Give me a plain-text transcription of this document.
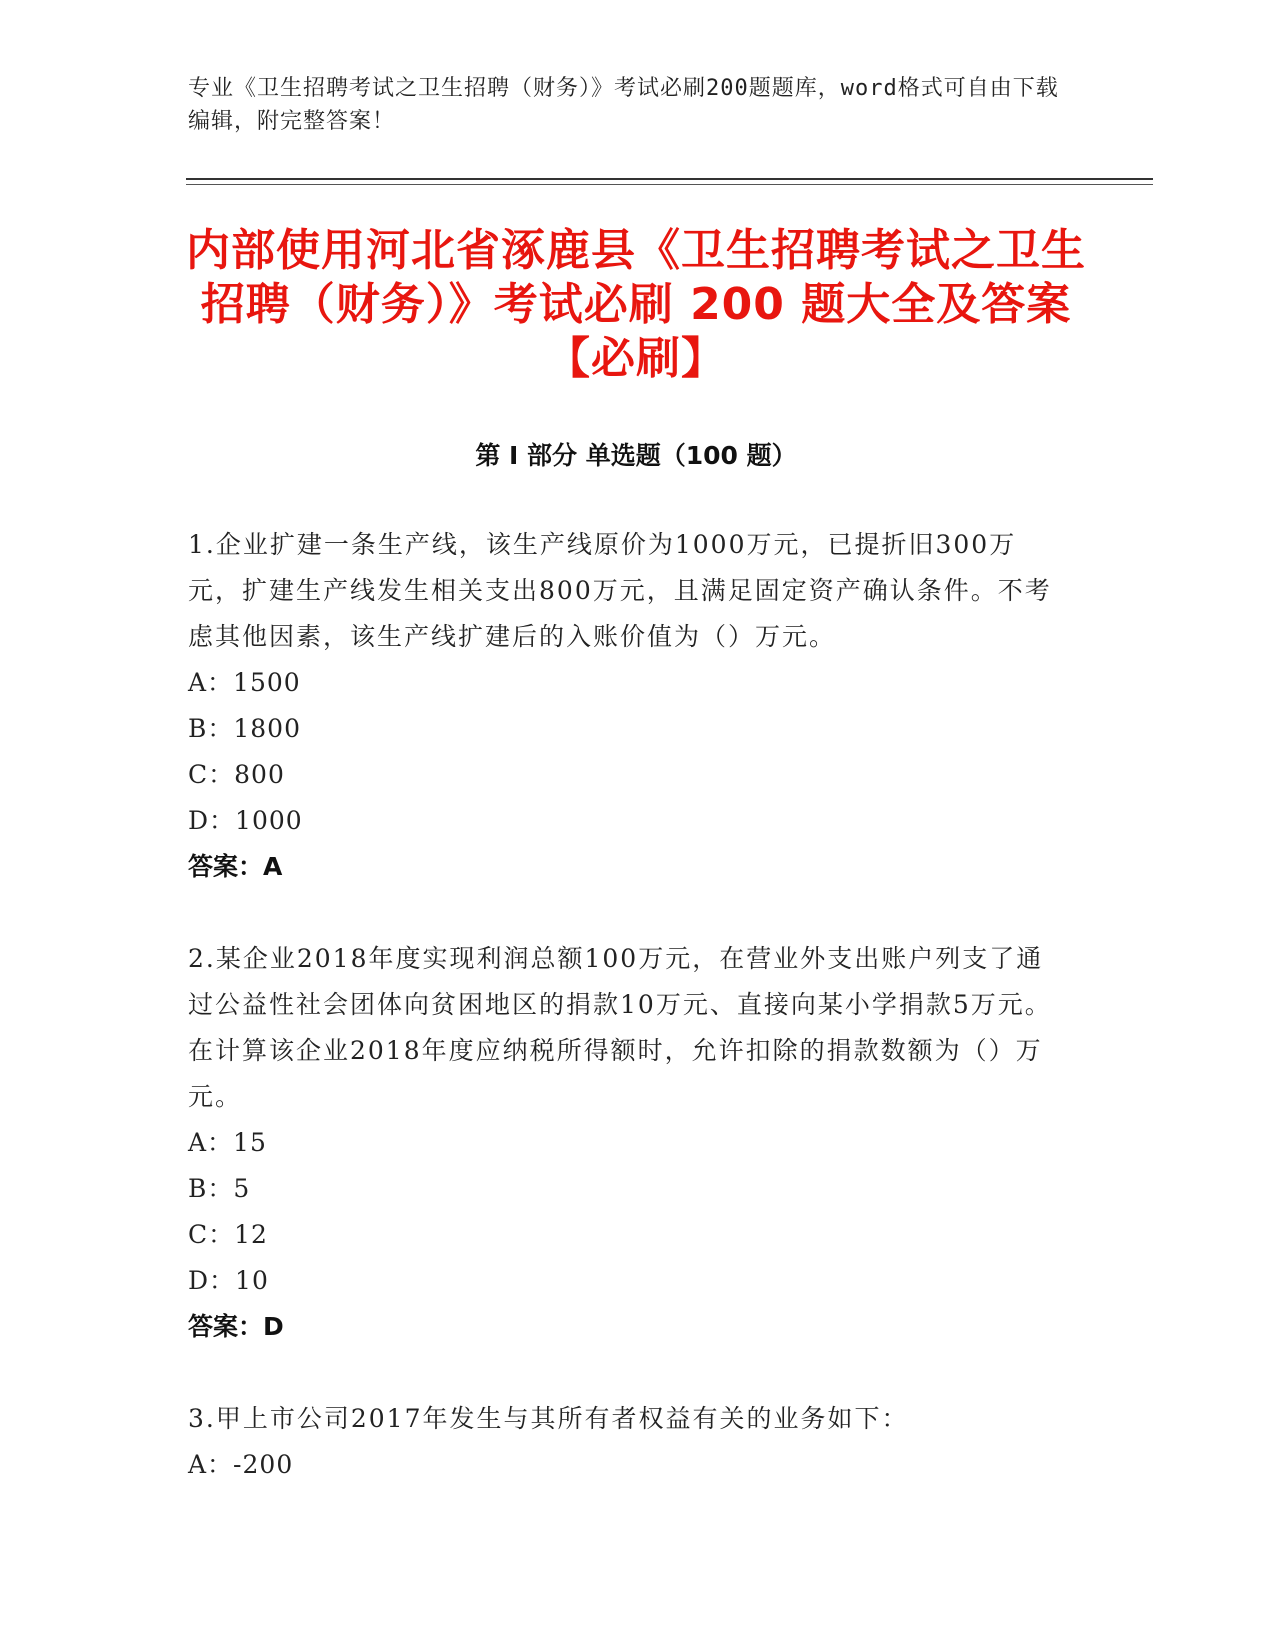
专业《卫生招聘考试之卫生招聘（财务）》考试必刷200题题库，word格式可自由下载编辑，附完整答案！
内部使用河北省涿鹿县《卫生招聘考试之卫生招聘（财务）》考试必刷 200 题大全及答案【必刷】
第 I 部分 单选题（100 题）
1.企业扩建一条生产线，该生产线原价为1000万元，已提折旧300万元，扩建生产线发生相关支出800万元，且满足固定资产确认条件。不考虑其他因素，该生产线扩建后的入账价值为（）万元。
A：1500
B：1800
C：800
D：1000
答案：A
2.某企业2018年度实现利润总额100万元，在营业外支出账户列支了通过公益性社会团体向贫困地区的捐款10万元、直接向某小学捐款5万元。在计算该企业2018年度应纳税所得额时，允许扣除的捐款数额为（）万元。
A：15
B：5
C：12
D：10
答案：D
3.甲上市公司2017年发生与其所有者权益有关的业务如下：
A：-200
